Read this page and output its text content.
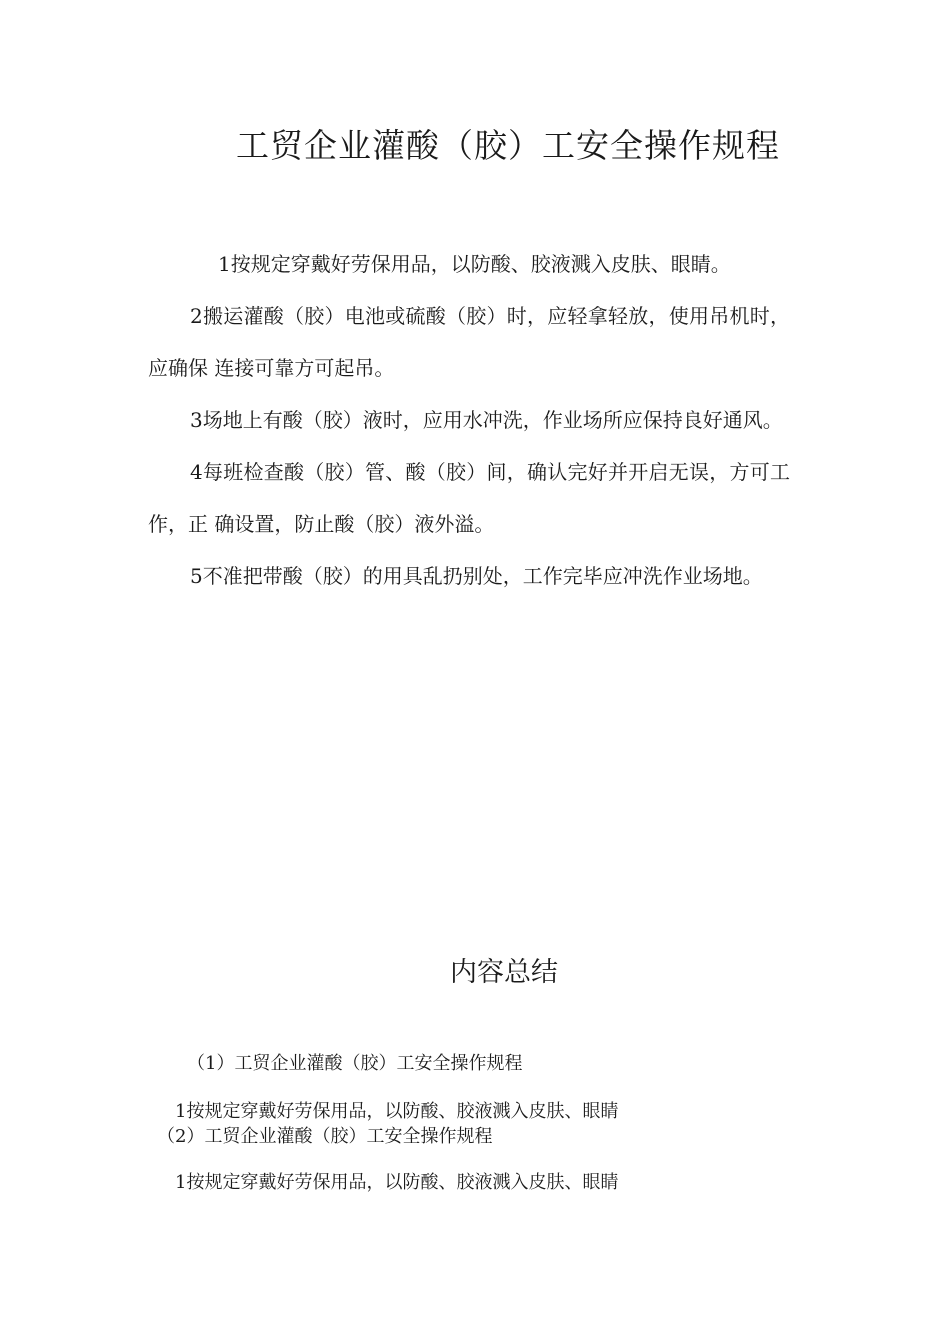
工贸企业灌酸（胶）工安全操作规程

1按规定穿戴好劳保用品，以防酸、胶液溅入皮肤、眼睛。

2搬运灌酸（胶）电池或硫酸（胶）时，应轻拿轻放，使用吊机时，应确保 连接可靠方可起吊。

3场地上有酸（胶）液时，应用水冲洗，作业场所应保持良好通风。

4每班检查酸（胶）管、酸（胶）间，确认完好并开启无误，方可工作，正 确设置，防止酸（胶）液外溢。

5不准把带酸（胶）的用具乱扔别处，工作完毕应冲洗作业场地。

内容总结
（1）工贸企业灌酸（胶）工安全操作规程
1按规定穿戴好劳保用品，以防酸、胶液溅入皮肤、眼睛
（2）工贸企业灌酸（胶）工安全操作规程
1按规定穿戴好劳保用品，以防酸、胶液溅入皮肤、眼睛
